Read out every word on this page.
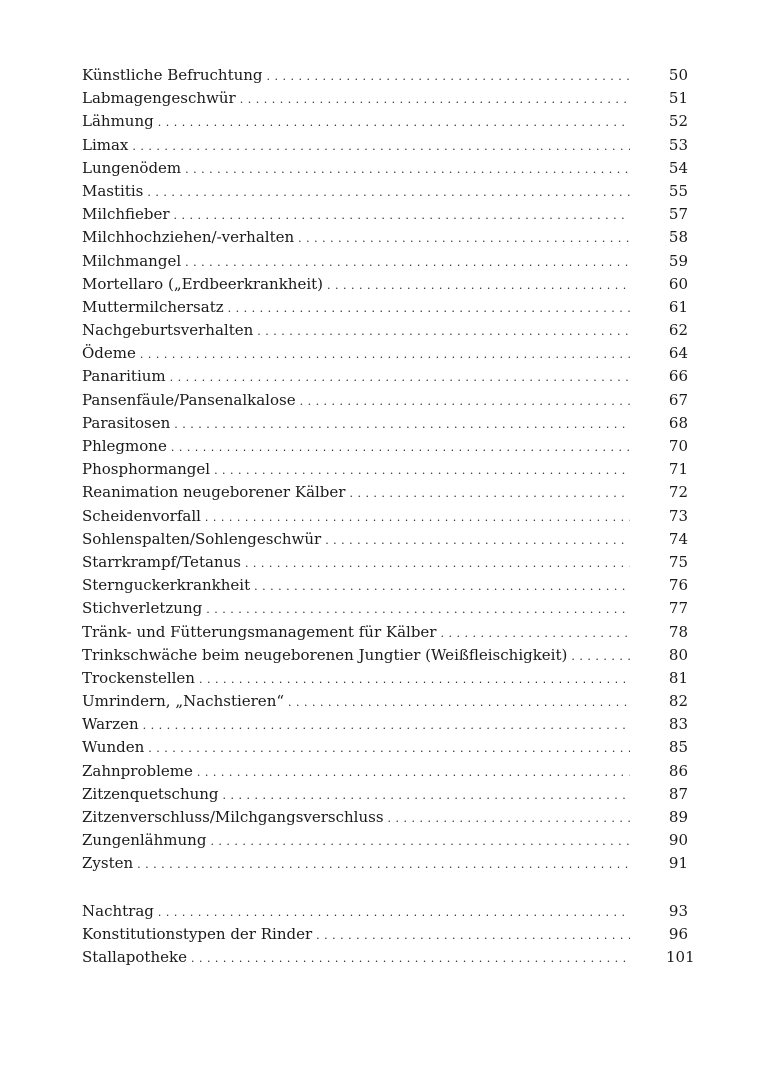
Künstliche Befruchtung . . .	50
Labmagengeschwür . . .	51
Lähmung . . .	52
Limax . . .	53
Lungenödem . . .	54
Mastitis . . .	55
Milchfieber . . .	57
Milchhochziehen/-verhalten . . .	58
Milchmangel . . .	59
Mortellaro („Erdbeerkrankheit) . . .	60
Muttermilchersatz . . .	61
Nachgeburtsverhalten . . .	62
Ödeme . . .	64
Panaritium . . .	66
Pansenfäule/Pansenalkalose . . .	67
Parasitosen . . .	68
Phlegmone . . .	70
Phosphormangel . . .	71
Reanimation neugeborener Kälber . . .	72
Scheidenvorfall . . .	73
Sohlenspalten/Sohlengeschwür . . .	74
Starrkrampf/Tetanus . . .	75
Sternguckerkrankheit . . .	76
Stichverletzung . . .	77
Tränk- und Fütterungsmanagement für Kälber . . .	78
Trinkschwäche beim neugeborenen Jungtier (Weißfleischigkeit) . . .	80
Trockenstellen . . .	81
Umrindern, „Nachstieren“ . . .	82
Warzen . . .	83
Wunden . . .	85
Zahnprobleme . . .	86
Zitzenquetschung . . .	87
Zitzenverschluss/Milchgangsverschluss . . .	89
Zungenlähmung . . .	90
Zysten . . .	91
Nachtrag . . .	93
Konstitutionstypen der Rinder . . .	96
Stallapotheke . . .	101
